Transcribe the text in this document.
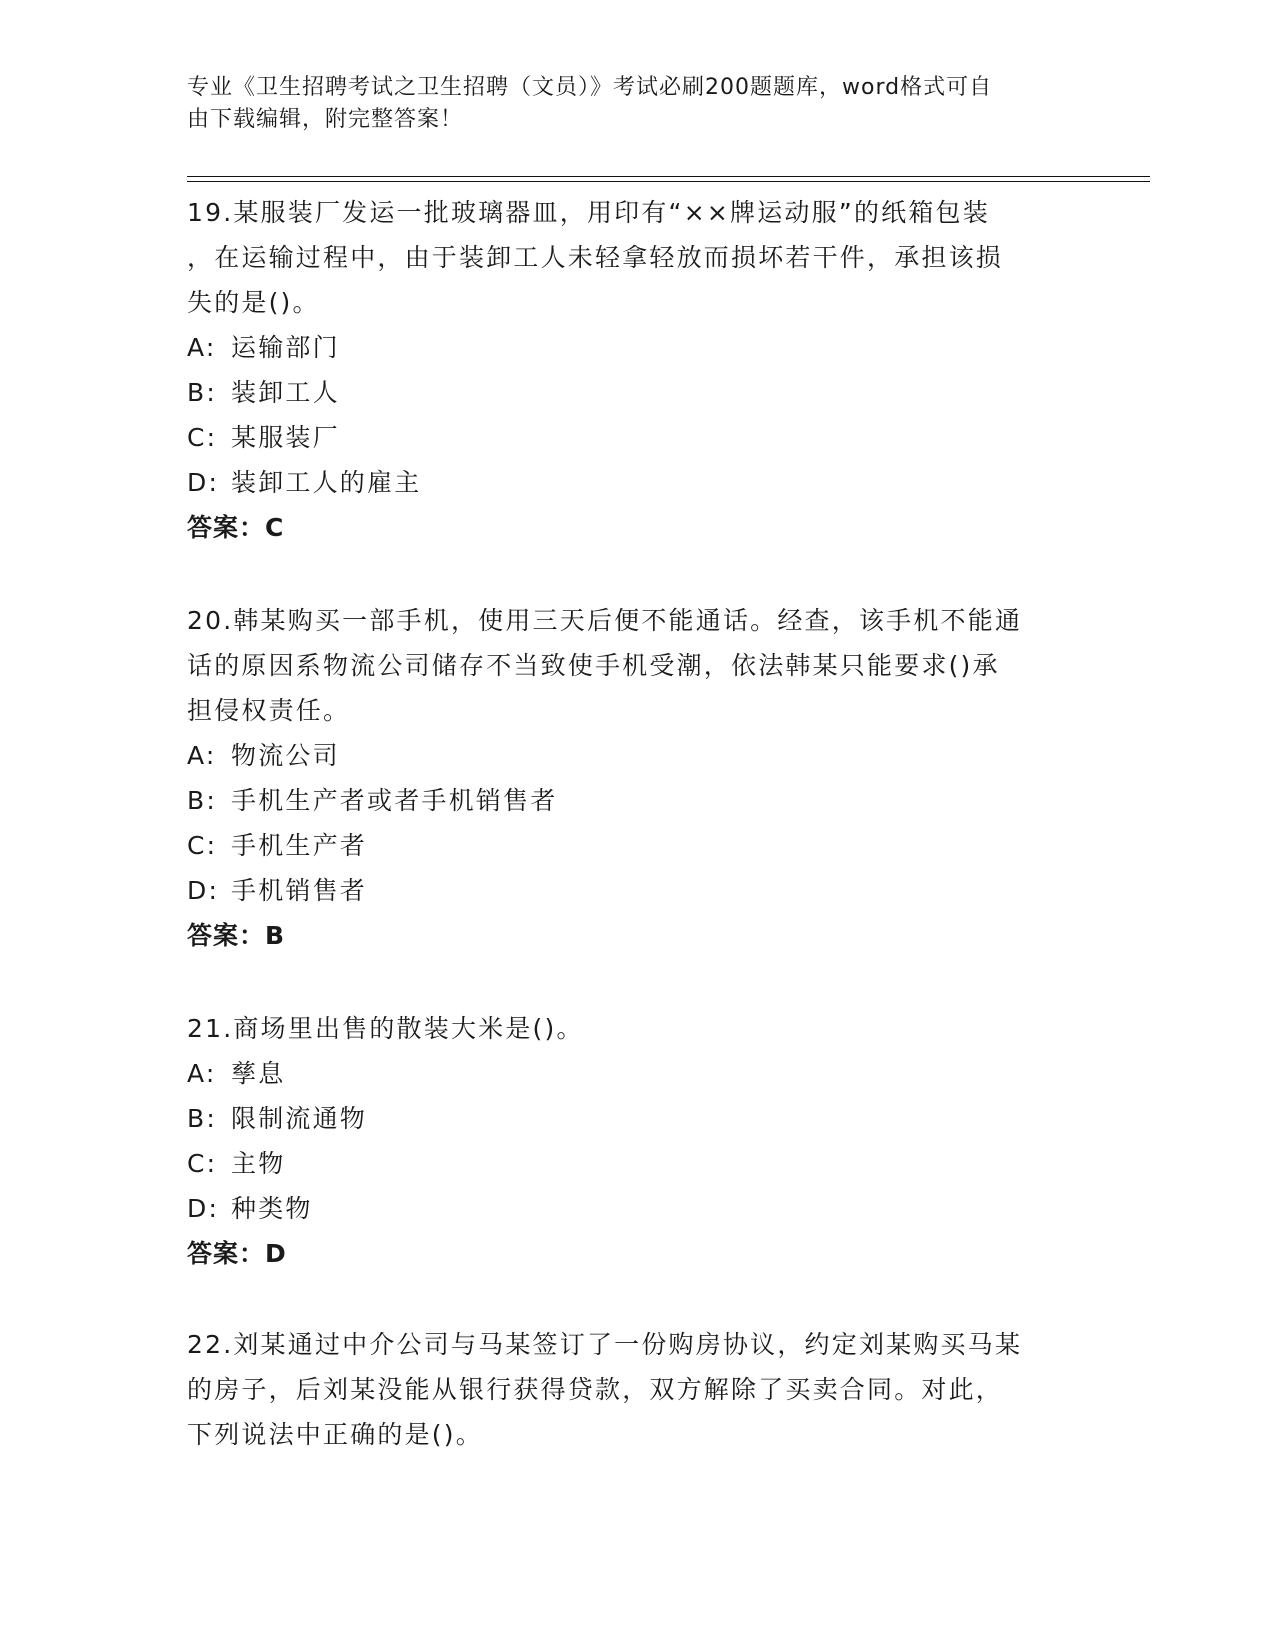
专业《卫生招聘考试之卫生招聘（文员）》考试必刷200题题库，word格式可自
由下载编辑，附完整答案！

19.某服装厂发运一批玻璃器皿，用印有“××牌运动服”的纸箱包装

，在运输过程中，由于装卸工人未轻拿轻放而损坏若干件，承担该损

失的是()。

A: 运输部门

B: 装卸工人

C: 某服装厂

D: 装卸工人的雇主

答案：C

20.韩某购买一部手机，使用三天后便不能通话。经查，该手机不能通

话的原因系物流公司储存不当致使手机受潮，依法韩某只能要求()承

担侵权责任。

A: 物流公司

B: 手机生产者或者手机销售者

C: 手机生产者

D: 手机销售者

答案：B

21.商场里出售的散装大米是()。

A: 孳息

B: 限制流通物

C: 主物

D: 种类物

答案：D

22.刘某通过中介公司与马某签订了一份购房协议，约定刘某购买马某

的房子，后刘某没能从银行获得贷款，双方解除了买卖合同。对此，

下列说法中正确的是()。
